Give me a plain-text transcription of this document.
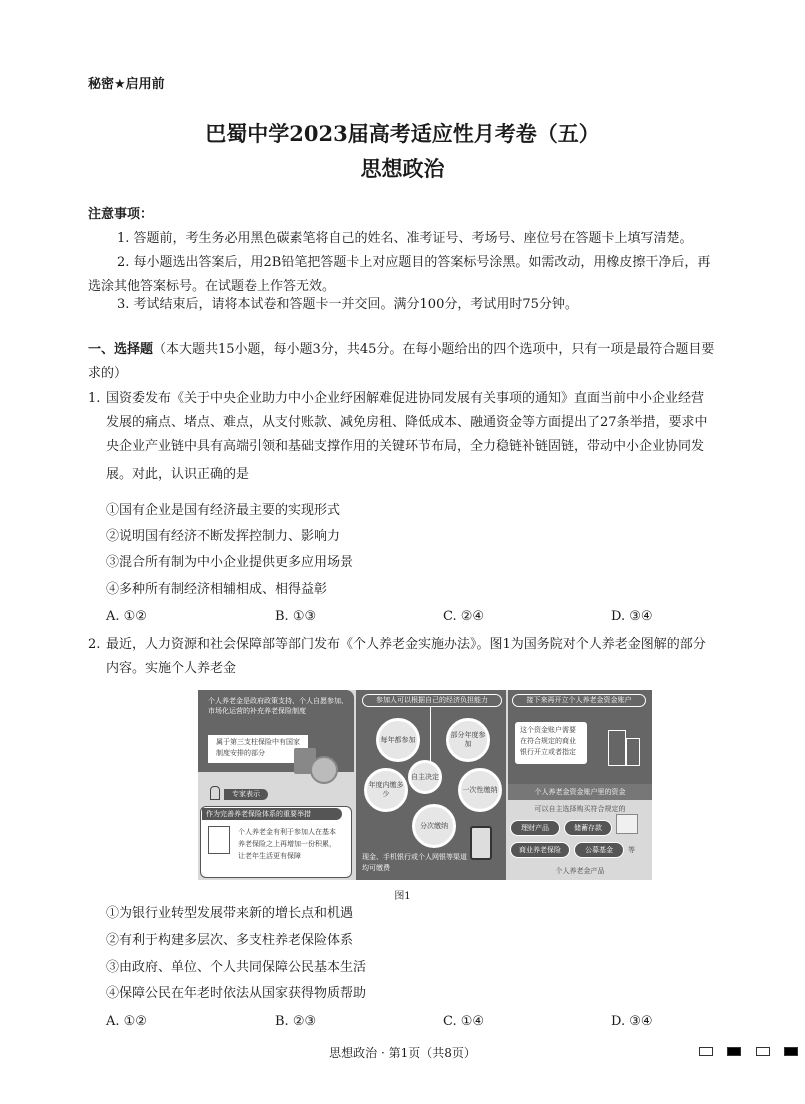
秘密★启用前
巴蜀中学2023届高考适应性月考卷（五）
思想政治
注意事项：
1. 答题前，考生务必用黑色碳素笔将自己的姓名、准考证号、考场号、座位号在答题卡上填写清楚。
2. 每小题选出答案后，用2B铅笔把答题卡上对应题目的答案标号涂黑。如需改动，用橡皮擦干净后，再
选涂其他答案标号。在试题卷上作答无效。
3. 考试结束后，请将本试卷和答题卡一并交回。满分100分，考试用时75分钟。
一、选择题（本大题共15小题，每小题3分，共45分。在每小题给出的四个选项中，只有一项是最符合题目要
求的）
1. 国资委发布《关于中央企业助力中小企业纾困解难促进协同发展有关事项的通知》直面当前中小企业经营
发展的痛点、堵点、难点，从支付账款、减免房租、降低成本、融通资金等方面提出了27条举措，要求中
央企业产业链中具有高端引领和基础支撑作用的关键环节布局，全力稳链补链固链，带动中小企业协同发
展。对此，认识正确的是
①国有企业是国有经济最主要的实现形式
②说明国有经济不断发挥控制力、影响力
③混合所有制为中小企业提供更多应用场景
④多种所有制经济相辅相成、相得益彰
A. ①②	B. ①③	C. ②④	D. ③④
2. 最近，人力资源和社会保障部等部门发布《个人养老金实施办法》。图1为国务院对个人养老金图解的部分
内容。实施个人养老金
个人养老金是政府政策支持、个人自愿参加、市场化运营的补充养老保险制度
属于第三支柱保险中有国家制度安排的部分
专家表示
作为完善养老保险体系的重要举措
个人养老金有利于参加人在基本养老保险之上再增加一份积累，让老年生活更有保障
参加人可以根据自己的经济负担能力
自主决定
每年都参加
部分年度参加
年度内缴多少
一次性缴纳
分次缴纳
现金、手机银行或个人网银等渠道均可缴费
接下来再开立个人养老金资金账户
这个资金账户需要在符合规定的商业银行开立或者指定
个人养老金资金账户里的资金
可以自主选择购买符合规定的
理财产品	储蓄存款
商业养老保险	公募基金	等
个人养老金产品
图1
①为银行业转型发展带来新的增长点和机遇
②有利于构建多层次、多支柱养老保险体系
③由政府、单位、个人共同保障公民基本生活
④保障公民在年老时依法从国家获得物质帮助
A. ①②	B. ②③	C. ①④	D. ③④
思想政治 · 第1页（共8页）
